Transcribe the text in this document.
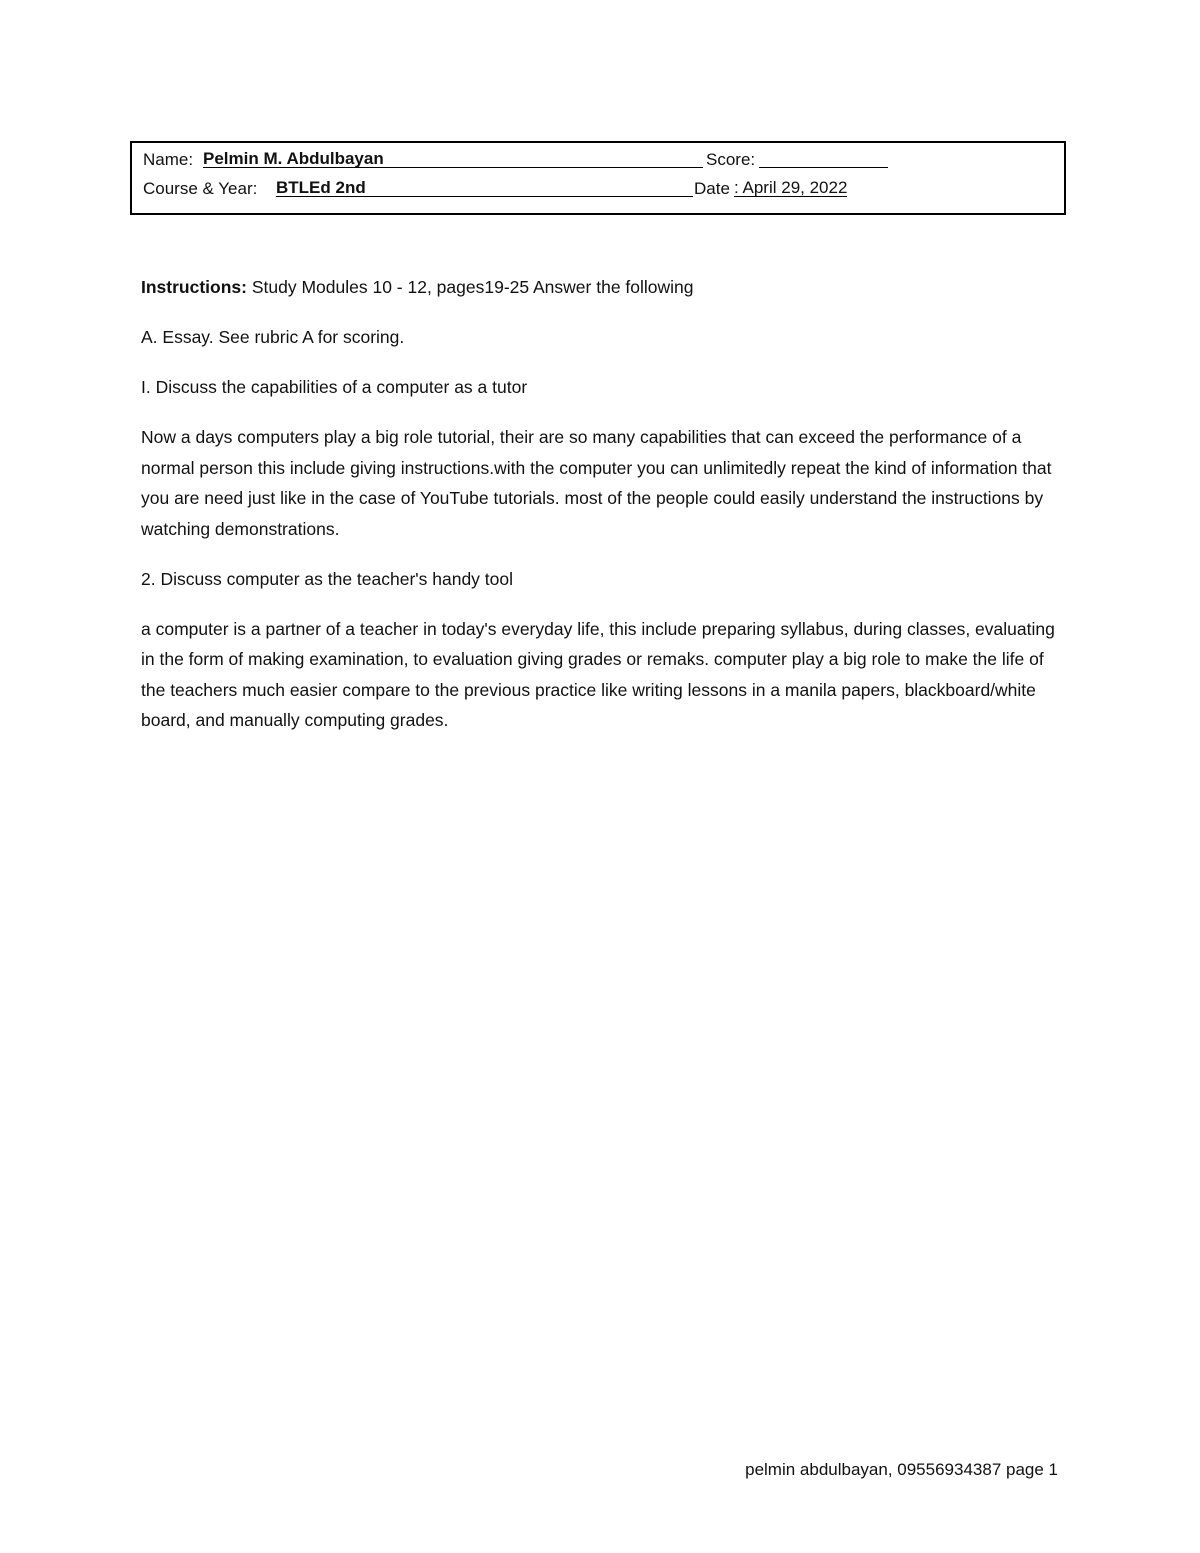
Name: Pelmin M. Abdulbayan	Score:
Course & Year: BTLEd 2nd	Date : April 29, 2022

Instructions: Study Modules 10 - 12, pages19-25 Answer the following

A. Essay. See rubric A for scoring.

I. Discuss the capabilities of a computer as a tutor

Now a days computers play a big role tutorial, their are so many capabilities that can exceed the performance of a normal person this include giving instructions.with the computer you can unlimitedly repeat the kind of information that you are need just like in the case of YouTube tutorials. most of the people could easily understand the instructions by watching demonstrations.

2. Discuss computer as the teacher's handy tool

a computer is a partner of a teacher in today's everyday life, this include preparing syllabus, during classes, evaluating in the form of making examination, to evaluation giving grades or remaks. computer play a big role to make the life of the teachers much easier compare to the previous practice like writing lessons in a manila papers, blackboard/white board, and manually computing grades.

pelmin abdulbayan, 09556934387 page 1
